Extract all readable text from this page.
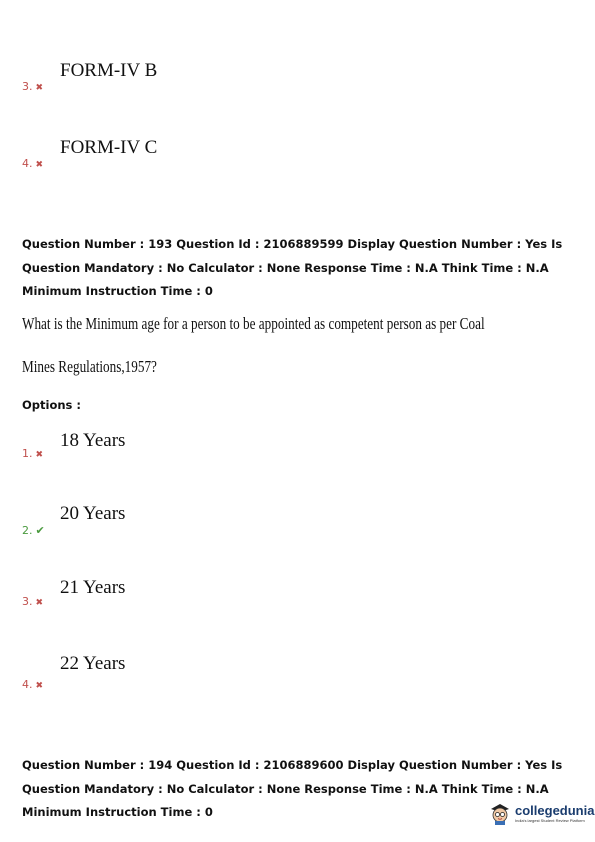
3. ✖
FORM-IV B
4. ✖
FORM-IV C
Question Number : 193 Question Id : 2106889599 Display Question Number : Yes Is Question Mandatory : No Calculator : None Response Time : N.A Think Time : N.A Minimum Instruction Time : 0
What is the Minimum age for a person to be appointed as competent person as per Coal
Mines Regulations,1957?
Options :
1. ✖
18 Years
2. ✔
20 Years
3. ✖
21 Years
4. ✖
22 Years
Question Number : 194 Question Id : 2106889600 Display Question Number : Yes Is Question Mandatory : No Calculator : None Response Time : N.A Think Time : N.A Minimum Instruction Time : 0	collegedunia
India's largest Student Review Platform
